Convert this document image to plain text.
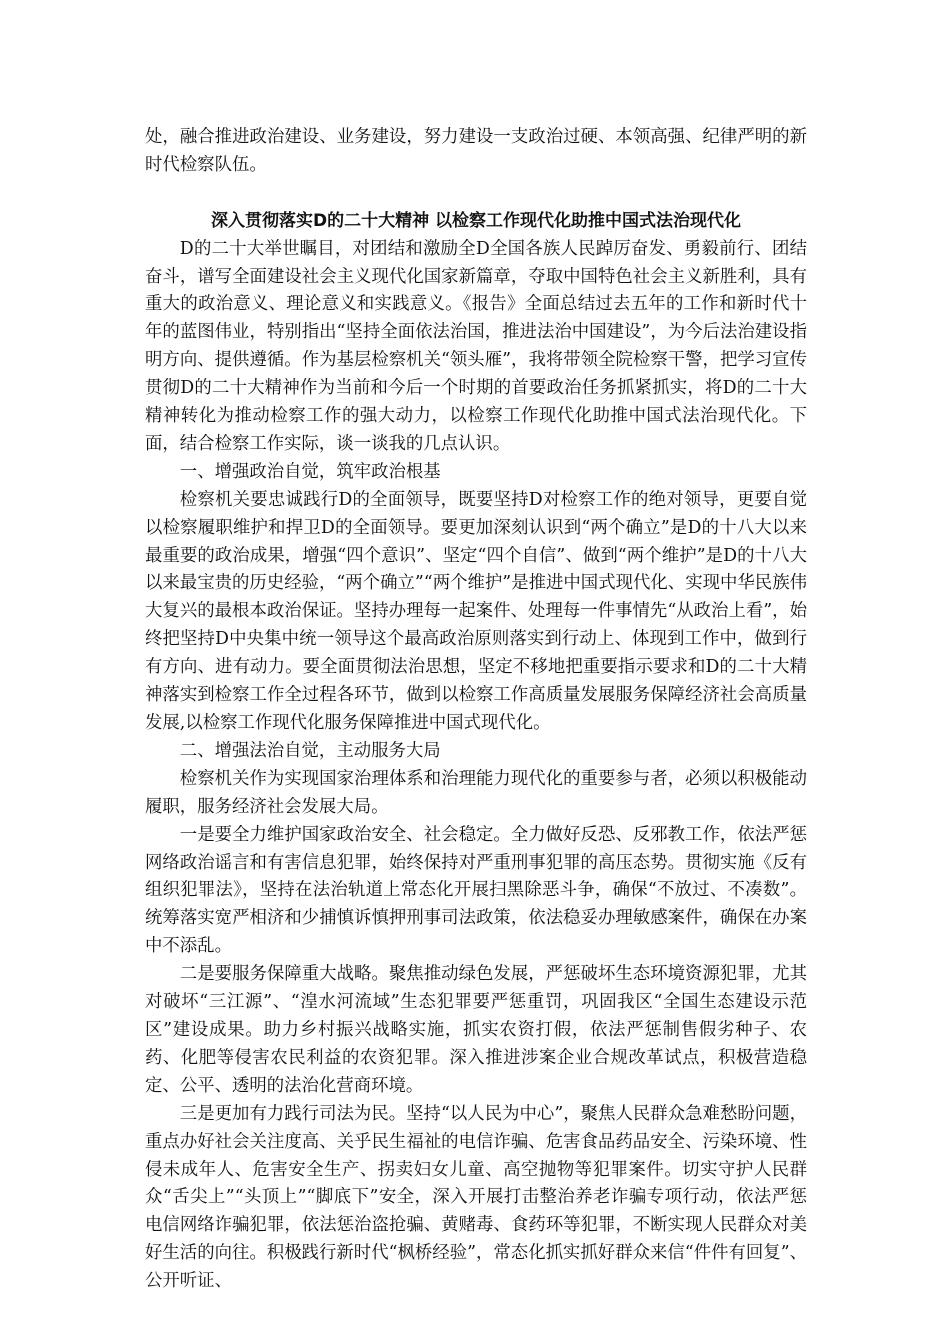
处，融合推进政治建设、业务建设，努力建设一支政治过硬、本领高强、纪律严明的新时代检察队伍。

深入贯彻落实D的二十大精神 以检察工作现代化助推中国式法治现代化

D的二十大举世瞩目，对团结和激励全D全国各族人民踔厉奋发、勇毅前行、团结奋斗，谱写全面建设社会主义现代化国家新篇章，夺取中国特色社会主义新胜利，具有重大的政治意义、理论意义和实践意义。《报告》全面总结过去五年的工作和新时代十年的蓝图伟业，特别指出“坚持全面依法治国，推进法治中国建设”，为今后法治建设指明方向、提供遵循。作为基层检察机关“领头雁”，我将带领全院检察干警，把学习宣传贯彻D的二十大精神作为当前和今后一个时期的首要政治任务抓紧抓实，将D的二十大精神转化为推动检察工作的强大动力，以检察工作现代化助推中国式法治现代化。下面，结合检察工作实际，谈一谈我的几点认识。

一、增强政治自觉，筑牢政治根基

检察机关要忠诚践行D的全面领导，既要坚持D对检察工作的绝对领导，更要自觉以检察履职维护和捍卫D的全面领导。要更加深刻认识到“两个确立”是D的十八大以来最重要的政治成果，增强“四个意识”、坚定“四个自信”、做到“两个维护”是D的十八大以来最宝贵的历史经验，“两个确立”“两个维护”是推进中国式现代化、实现中华民族伟大复兴的最根本政治保证。坚持办理每一起案件、处理每一件事情先“从政治上看”，始终把坚持D中央集中统一领导这个最高政治原则落实到行动上、体现到工作中，做到行有方向、进有动力。要全面贯彻法治思想，坚定不移地把重要指示要求和D的二十大精神落实到检察工作全过程各环节，做到以检察工作高质量发展服务保障经济社会高质量发展,以检察工作现代化服务保障推进中国式现代化。

二、增强法治自觉，主动服务大局

检察机关作为实现国家治理体系和治理能力现代化的重要参与者，必须以积极能动履职，服务经济社会发展大局。

一是要全力维护国家政治安全、社会稳定。全力做好反恐、反邪教工作，依法严惩网络政治谣言和有害信息犯罪，始终保持对严重刑事犯罪的高压态势。贯彻实施《反有组织犯罪法》，坚持在法治轨道上常态化开展扫黑除恶斗争，确保“不放过、不凑数”。统筹落实宽严相济和少捕慎诉慎押刑事司法政策，依法稳妥办理敏感案件，确保在办案中不添乱。

二是要服务保障重大战略。聚焦推动绿色发展，严惩破坏生态环境资源犯罪，尤其对破坏“三江源”、“湟水河流域”生态犯罪要严惩重罚，巩固我区“全国生态建设示范区”建设成果。助力乡村振兴战略实施，抓实农资打假，依法严惩制售假劣种子、农药、化肥等侵害农民利益的农资犯罪。深入推进涉案企业合规改革试点，积极营造稳定、公平、透明的法治化营商环境。

三是更加有力践行司法为民。坚持“以人民为中心”，聚焦人民群众急难愁盼问题，重点办好社会关注度高、关乎民生福祉的电信诈骗、危害食品药品安全、污染环境、性侵未成年人、危害安全生产、拐卖妇女儿童、高空抛物等犯罪案件。切实守护人民群众“舌尖上”“头顶上”“脚底下”安全，深入开展打击整治养老诈骗专项行动，依法严惩电信网络诈骗犯罪，依法惩治盗抢骗、黄赌毒、食药环等犯罪，不断实现人民群众对美好生活的向往。积极践行新时代“枫桥经验”，常态化抓实抓好群众来信“件件有回复”、公开听证、
